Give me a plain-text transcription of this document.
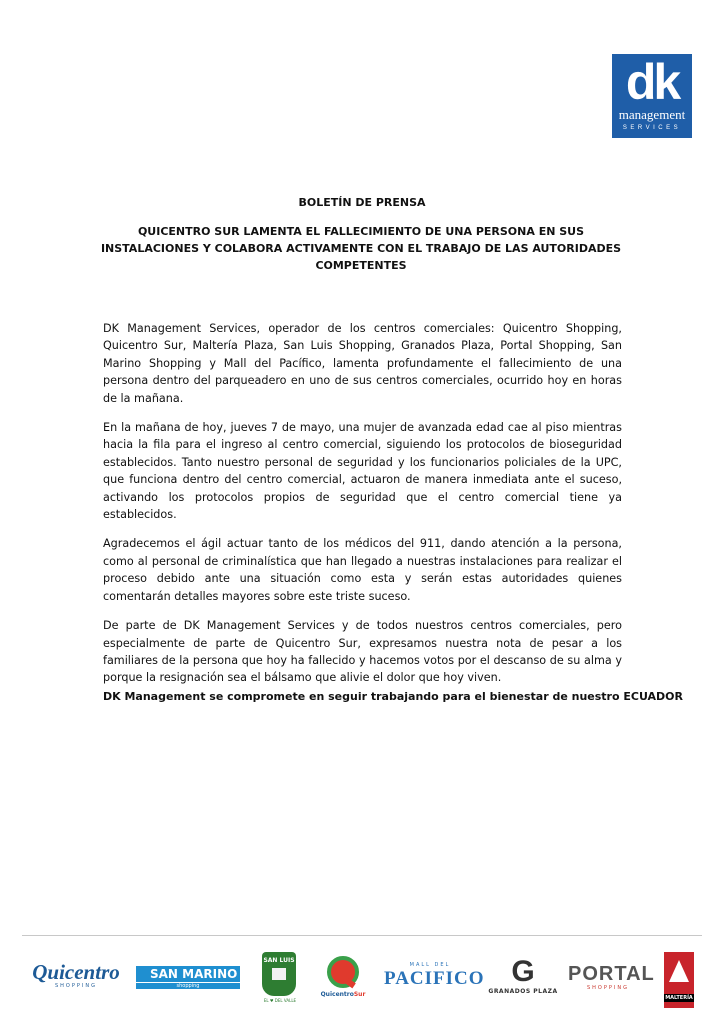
dk
management
SERVICES
BOLETÍN DE PRENSA
QUICENTRO SUR LAMENTA EL FALLECIMIENTO DE UNA PERSONA EN SUS INSTALACIONES Y COLABORA ACTIVAMENTE CON EL TRABAJO DE LAS AUTORIDADES COMPETENTES

DK Management Services, operador de los centros comerciales: Quicentro Shopping, Quicentro Sur, Maltería Plaza, San Luis Shopping, Granados Plaza, Portal Shopping, San Marino Shopping y Mall del Pacífico, lamenta profundamente el fallecimiento de una persona dentro del parqueadero en uno de sus centros comerciales, ocurrido hoy en horas de la mañana.

En la mañana de hoy, jueves 7 de mayo, una mujer de avanzada edad cae al piso mientras hacia la fila para el ingreso al centro comercial, siguiendo los protocolos de bioseguridad establecidos. Tanto nuestro personal de seguridad y los funcionarios policiales de la UPC, que funciona dentro del centro comercial, actuaron de manera inmediata ante el suceso, activando los protocolos propios de seguridad que el centro comercial tiene ya establecidos.

Agradecemos el ágil actuar tanto de los médicos del 911, dando atención a la persona, como al personal de criminalística que han llegado a nuestras instalaciones para realizar el proceso debido ante una situación como esta y serán estas autoridades quienes comentarán detalles mayores sobre este triste suceso.

De parte de DK Management Services y de todos nuestros centros comerciales, pero especialmente de parte de Quicentro Sur, expresamos nuestra nota de pesar a los familiares de la persona que hoy ha fallecido y hacemos votos por el descanso de su alma y porque la resignación sea el bálsamo que alivie el dolor que hoy viven.

DK Management se compromete en seguir trabajando para el bienestar de nuestro ECUADOR
Quicentro
SHOPPING
SAN MARINO
shopping
SAN LUIS
EL ♥ DEL VALLE
QuicentroSur
MALL DEL
PACIFICO G
GRANADOS PLAZA
PORTAL
SHOPPING
MALTERÍA
